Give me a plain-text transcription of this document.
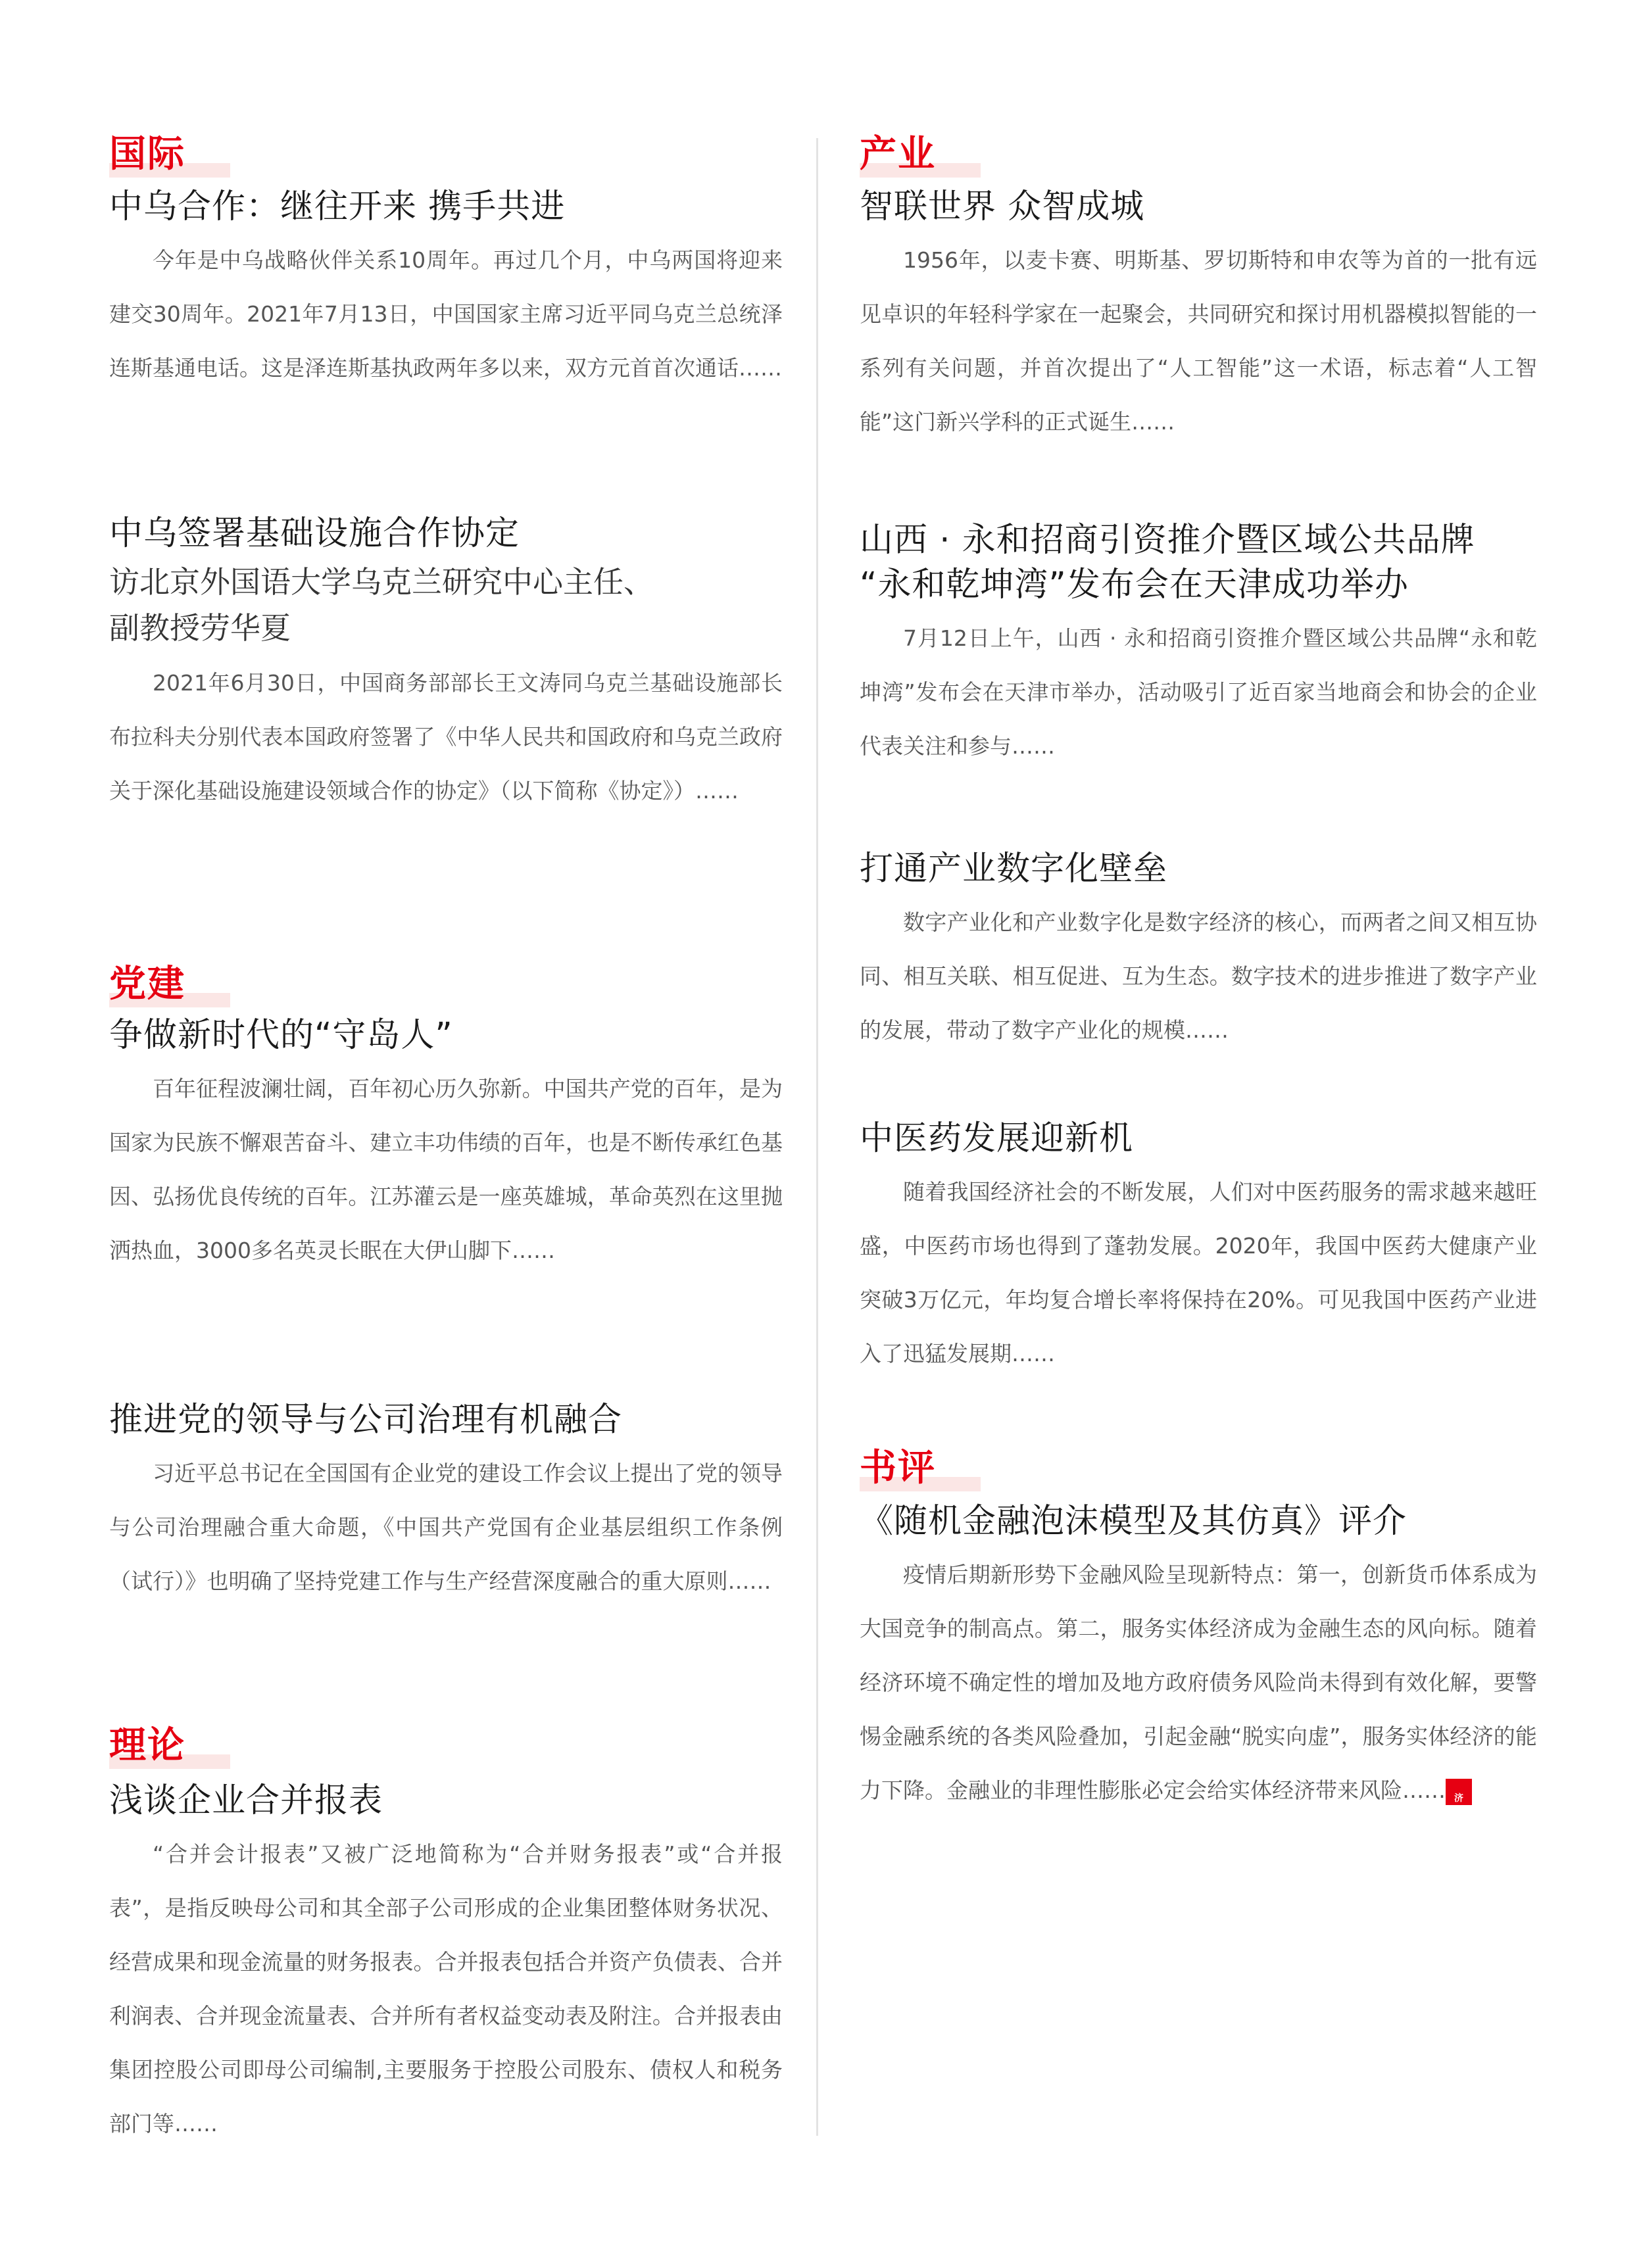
国际
中乌合作：继往开来 携手共进

今年是中乌战略伙伴关系10周年。再过几个月，中乌两国将迎来建交30周年。2021年7月13日，中国国家主席习近平同乌克兰总统泽连斯基通电话。这是泽连斯基执政两年多以来，双方元首首次通话……

中乌签署基础设施合作协定
访北京外国语大学乌克兰研究中心主任、
副教授劳华夏

2021年6月30日，中国商务部部长王文涛同乌克兰基础设施部长布拉科夫分别代表本国政府签署了《中华人民共和国政府和乌克兰政府关于深化基础设施建设领域合作的协定》（以下简称《协定》）……

党建
争做新时代的“守岛人”

百年征程波澜壮阔，百年初心历久弥新。中国共产党的百年，是为国家为民族不懈艰苦奋斗、建立丰功伟绩的百年，也是不断传承红色基因、弘扬优良传统的百年。江苏灌云是一座英雄城，革命英烈在这里抛洒热血，3000多名英灵长眠在大伊山脚下……

推进党的领导与公司治理有机融合

习近平总书记在全国国有企业党的建设工作会议上提出了党的领导与公司治理融合重大命题，《中国共产党国有企业基层组织工作条例（试行）》也明确了坚持党建工作与生产经营深度融合的重大原则……

理论
浅谈企业合并报表

“合并会计报表”又被广泛地简称为“合并财务报表”或“合并报表”，是指反映母公司和其全部子公司形成的企业集团整体财务状况、经营成果和现金流量的财务报表。合并报表包括合并资产负债表、合并利润表、合并现金流量表、合并所有者权益变动表及附注。合并报表由集团控股公司即母公司编制,主要服务于控股公司股东、债权人和税务部门等……

产业
智联世界 众智成城

1956年，以麦卡赛、明斯基、罗切斯特和申农等为首的一批有远见卓识的年轻科学家在一起聚会，共同研究和探讨用机器模拟智能的一系列有关问题，并首次提出了“人工智能”这一术语，标志着“人工智能”这门新兴学科的正式诞生……

山西 · 永和招商引资推介暨区域公共品牌
“永和乾坤湾”发布会在天津成功举办

7月12日上午，山西 · 永和招商引资推介暨区域公共品牌“永和乾坤湾”发布会在天津市举办，活动吸引了近百家当地商会和协会的企业代表关注和参与……

打通产业数字化壁垒

数字产业化和产业数字化是数字经济的核心，而两者之间又相互协同、相互关联、相互促进、互为生态。数字技术的进步推进了数字产业的发展，带动了数字产业化的规模……

中医药发展迎新机

随着我国经济社会的不断发展，人们对中医药服务的需求越来越旺盛，中医药市场也得到了蓬勃发展。2020年，我国中医药大健康产业突破3万亿元，年均复合增长率将保持在20%。可见我国中医药产业进入了迅猛发展期……

书评
《随机金融泡沫模型及其仿真》评介

疫情后期新形势下金融风险呈现新特点：第一，创新货币体系成为大国竞争的制高点。第二，服务实体经济成为金融生态的风向标。随着经济环境不确定性的增加及地方政府债务风险尚未得到有效化解，要警惕金融系统的各类风险叠加，引起金融“脱实向虚”，服务实体经济的能力下降。金融业的非理性膨胀必定会给实体经济带来风险……	经济
